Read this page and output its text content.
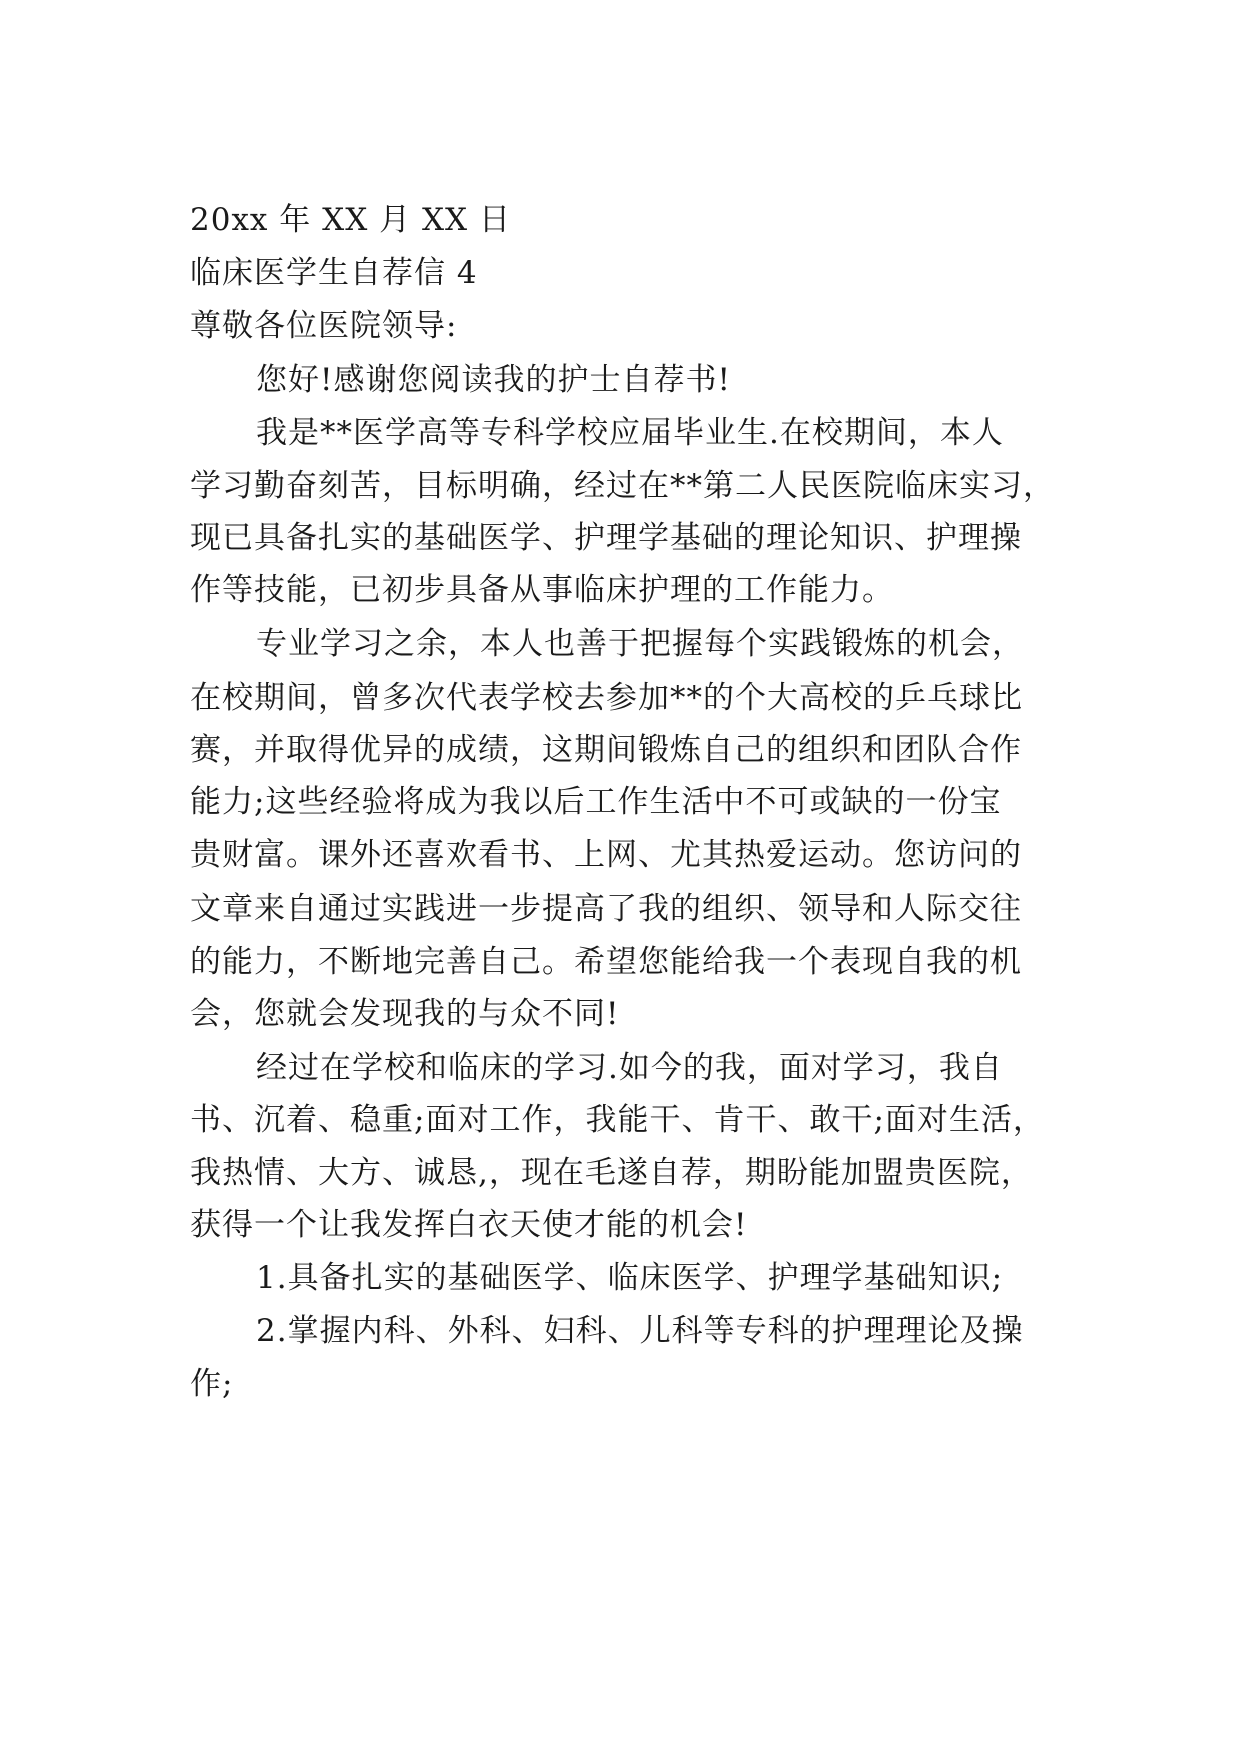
20xx 年 XX 月 XX 日
临床医学生自荐信 4
尊敬各位医院领导:
您好!感谢您阅读我的护士自荐书!
我是**医学高等专科学校应届毕业生.在校期间，本人
学习勤奋刻苦，目标明确，经过在**第二人民医院临床实习，
现已具备扎实的基础医学、护理学基础的理论知识、护理操
作等技能，已初步具备从事临床护理的工作能力。
专业学习之余，本人也善于把握每个实践锻炼的机会，
在校期间，曾多次代表学校去参加**的个大高校的乒乓球比
赛，并取得优异的成绩，这期间锻炼自己的组织和团队合作
能力;这些经验将成为我以后工作生活中不可或缺的一份宝
贵财富。课外还喜欢看书、上网、尤其热爱运动。您访问的
文章来自通过实践进一步提高了我的组织、领导和人际交往
的能力，不断地完善自己。希望您能给我一个表现自我的机
会，您就会发现我的与众不同!
经过在学校和临床的学习.如今的我，面对学习，我自
书、沉着、稳重;面对工作，我能干、肯干、敢干;面对生活，
我热情、大方、诚恳,，现在毛遂自荐，期盼能加盟贵医院，
获得一个让我发挥白衣天使才能的机会!
1.具备扎实的基础医学、临床医学、护理学基础知识;
2.掌握内科、外科、妇科、儿科等专科的护理理论及操
作;
